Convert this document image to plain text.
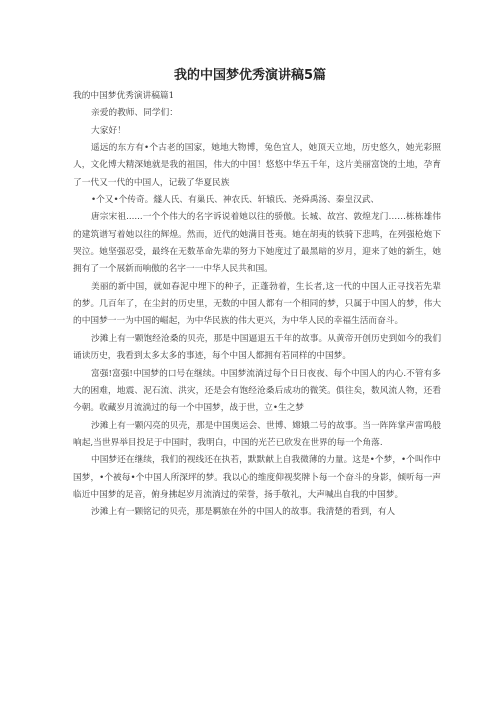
我的中国梦优秀演讲稿5篇

我的中国梦优秀演讲稿篇1

亲爱的教师、同学们：

大家好！

遥远的东方有•个古老的国家，她地大物博，兔色宜人，她顶天立地，历史悠久，她光彩照人，文化博大精深她就是我的祖国，伟大的中国！悠悠中华五千年，这片美丽富饶的土地，孕育了一代又一代的中国人，记载了华夏民族

•个又•个传奇。燧人氏、有巢氏、神农氏、轩辕氏、尧舜禹汤、秦皇汉武、

唐宗宋祖......一个个伟大的名字诉说着她以往的骄傲。长城、故宫、敦煌龙门……栋栋雄伟的建筑谱写着她以往的辉煌。然而，近代的她满目苍夷。她在胡夷的铁骑下悲鸣，在列强枪炮下哭泣。她坚强忍受，最终在无数革命先辈的努力下她度过了最黑暗的岁月，迎来了她的新生，她拥有了一个展新而响傲的名字一一中华人民共和国。

美丽的新中国，就如春泥中埋下的种子，正蓬勃着，生长者,这一代的中国人正寻找若先辈的梦。几百年了，在尘封的历史里，无数的中国人都有一个相同的梦，只属于中国人的梦，伟大的中国梦一一为中国的崛起，为中华民族的伟大更兴，为中华人民的幸福生活而奋斗。

沙滩上有一颗饱经沧桑的贝壳，那是中国逼退五千年的故事。从黄帝开创历史到如今的我们诵读历史，我看到太多太多的事迹，每个中国人都拥有若同样的中国梦。

富强!富强!中国梦的口号在继续。中国梦流淌过每个日日夜夜、每个中国人的内心.不管有多大的困难，地震、泥石流、洪灾，还是会有饱经沧桑后成功的微笑。俱往矣，数风流人物，还看今朝。收藏岁月流淌过的每一个中国梦，战于世，立•生之梦

沙滩上有一颗闪亮的贝壳，那是中国奥运会、世博、嫦娥二号的故事。当一阵阵掌声雷鸣般响起,当世界举目投足于中国时，我明白，中国的光芒已欣发在世界的每一个角落.

中国梦还在继续，我们的视线还在执若，默默献上自我微薄的力量。这是•个梦，•个叫作中国梦，•个被每•个中国人所深坪的梦。我以心的维度仰视奖牌卜每一个奋斗的身影，倾听每一声临近中国梦的足音，俯身拂起岁月流淌过的荣誉，扬手敬礼，大声喊出自我的中国梦。

沙滩上有一颗铭记的贝壳，那是羁旅在外的中国人的故事。我清楚的看到，有人
